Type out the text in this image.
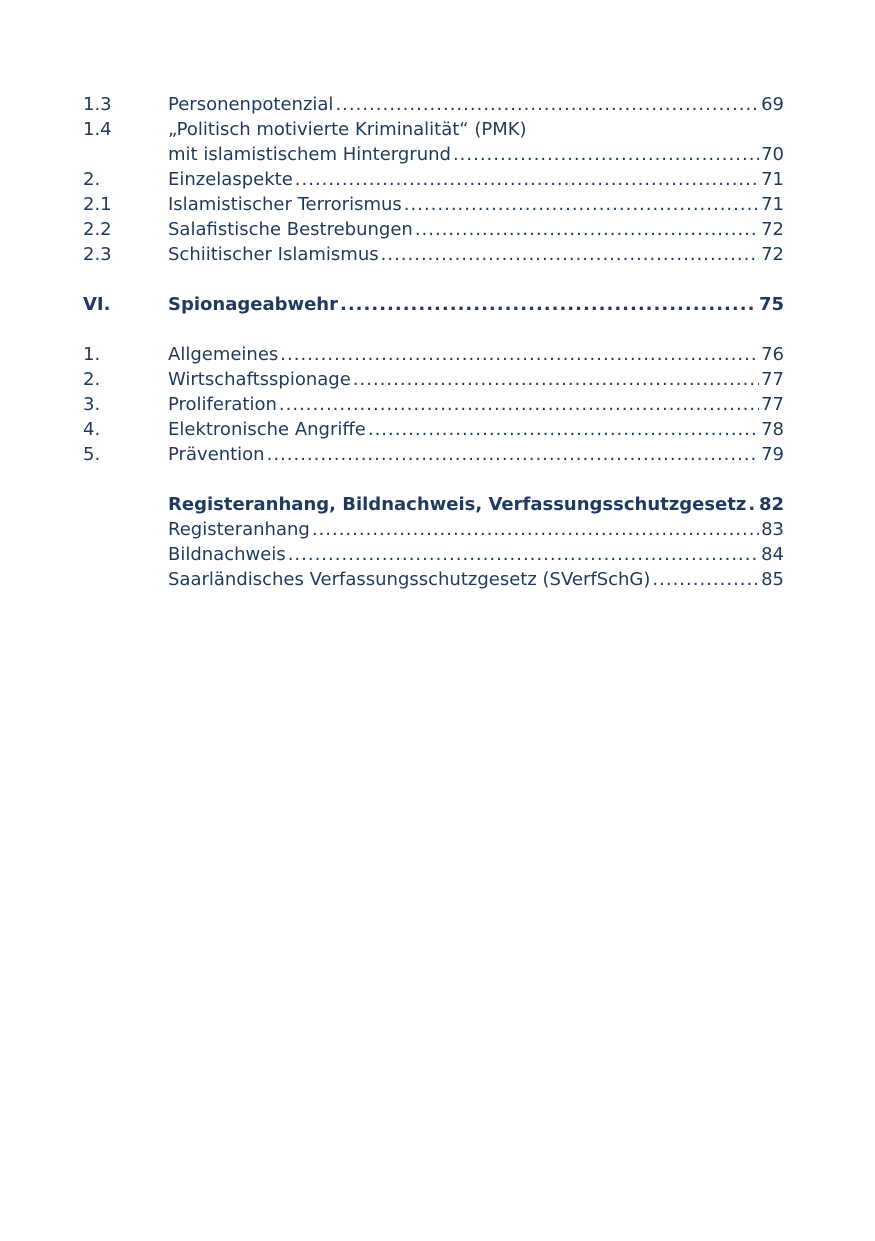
1.3	Personenpotenzial .....	69
1.4	„Politisch motivierte Kriminalität“ (PMK)
mit islamistischem Hintergrund .....	70
2.	Einzelaspekte .....	71
2.1	Islamistischer Terrorismus .....	71
2.2	Salafistische Bestrebungen .....	72
2.3	Schiitischer Islamismus .....	72
VI.	Spionageabwehr .....	75
1.	Allgemeines .....	76
2.	Wirtschaftsspionage .....	77
3.	Proliferation .....	77
4.	Elektronische Angriffe .....	78
5.	Prävention .....	79
Registeranhang, Bildnachweis, Verfassungsschutzgesetz ..... 82
Registeranhang .....	83
Bildnachweis .....	84
Saarländisches Verfassungsschutzgesetz (SVerfSchG) .....	85
